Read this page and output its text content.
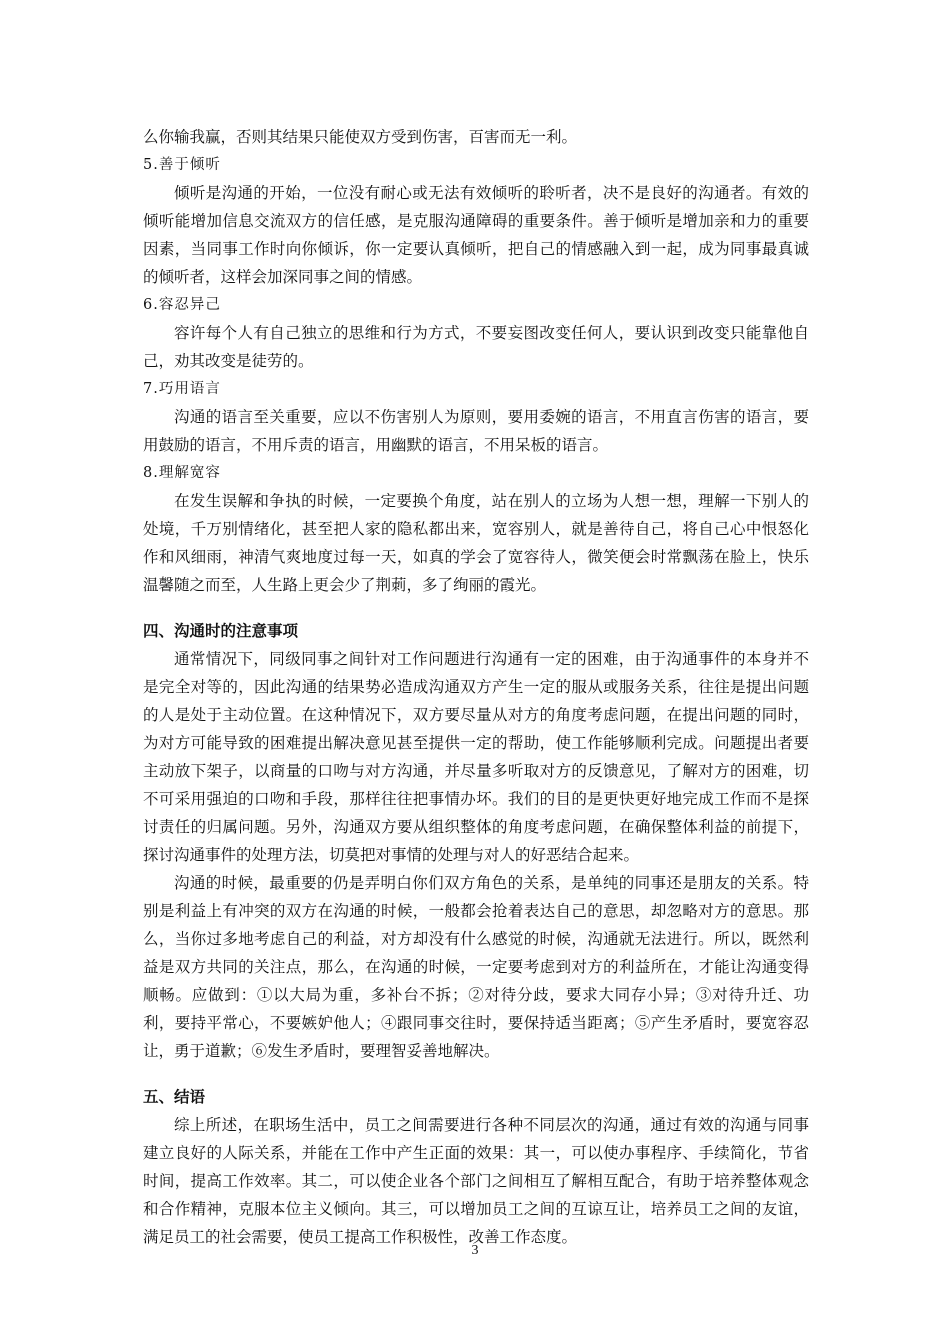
么你输我赢，否则其结果只能使双方受到伤害，百害而无一利。

5.善于倾听

倾听是沟通的开始，一位没有耐心或无法有效倾听的聆听者，决不是良好的沟通者。有效的倾听能增加信息交流双方的信任感，是克服沟通障碍的重要条件。善于倾听是增加亲和力的重要因素，当同事工作时向你倾诉，你一定要认真倾听，把自己的情感融入到一起，成为同事最真诚的倾听者，这样会加深同事之间的情感。

6.容忍异己

容许每个人有自己独立的思维和行为方式，不要妄图改变任何人，要认识到改变只能靠他自己，劝其改变是徒劳的。

7.巧用语言

沟通的语言至关重要，应以不伤害别人为原则，要用委婉的语言，不用直言伤害的语言，要用鼓励的语言，不用斥责的语言，用幽默的语言，不用呆板的语言。

8.理解宽容

在发生误解和争执的时候，一定要换个角度，站在别人的立场为人想一想，理解一下别人的处境，千万别情绪化，甚至把人家的隐私都出来，宽容别人，就是善待自己，将自己心中恨怒化作和风细雨，神清气爽地度过每一天，如真的学会了宽容待人，微笑便会时常飘荡在脸上，快乐温馨随之而至，人生路上更会少了荆莿，多了绚丽的霞光。

四、沟通时的注意事项

通常情况下，同级同事之间针对工作问题进行沟通有一定的困难，由于沟通事件的本身并不是完全对等的，因此沟通的结果势必造成沟通双方产生一定的服从或服务关系，往往是提出问题的人是处于主动位置。在这种情况下，双方要尽量从对方的角度考虑问题，在提出问题的同时，为对方可能导致的困难提出解决意见甚至提供一定的帮助，使工作能够顺利完成。问题提出者要主动放下架子，以商量的口吻与对方沟通，并尽量多听取对方的反馈意见，了解对方的困难，切不可采用强迫的口吻和手段，那样往往把事情办坏。我们的目的是更快更好地完成工作而不是探讨责任的归属问题。另外，沟通双方要从组织整体的角度考虑问题，在确保整体利益的前提下，探讨沟通事件的处理方法，切莫把对事情的处理与对人的好恶结合起来。

沟通的时候，最重要的仍是弄明白你们双方角色的关系，是单纯的同事还是朋友的关系。特别是利益上有冲突的双方在沟通的时候，一般都会抢着表达自己的意思，却忽略对方的意思。那么，当你过多地考虑自己的利益，对方却没有什么感觉的时候，沟通就无法进行。所以，既然利益是双方共同的关注点，那么，在沟通的时候，一定要考虑到对方的利益所在，才能让沟通变得顺畅。应做到：①以大局为重，多补台不拆；②对待分歧，要求大同存小异；③对待升迁、功利，要持平常心，不要嫉妒他人；④跟同事交往时，要保持适当距离；⑤产生矛盾时，要宽容忍让，勇于道歉；⑥发生矛盾时，要理智妥善地解决。

五、结语

综上所述，在职场生活中，员工之间需要进行各种不同层次的沟通，通过有效的沟通与同事建立良好的人际关系，并能在工作中产生正面的效果：其一，可以使办事程序、手续简化，节省时间，提高工作效率。其二，可以使企业各个部门之间相互了解相互配合，有助于培养整体观念和合作精神，克服本位主义倾向。其三，可以增加员工之间的互谅互让，培养员工之间的友谊，满足员工的社会需要，使员工提高工作积极性，改善工作态度。

3
